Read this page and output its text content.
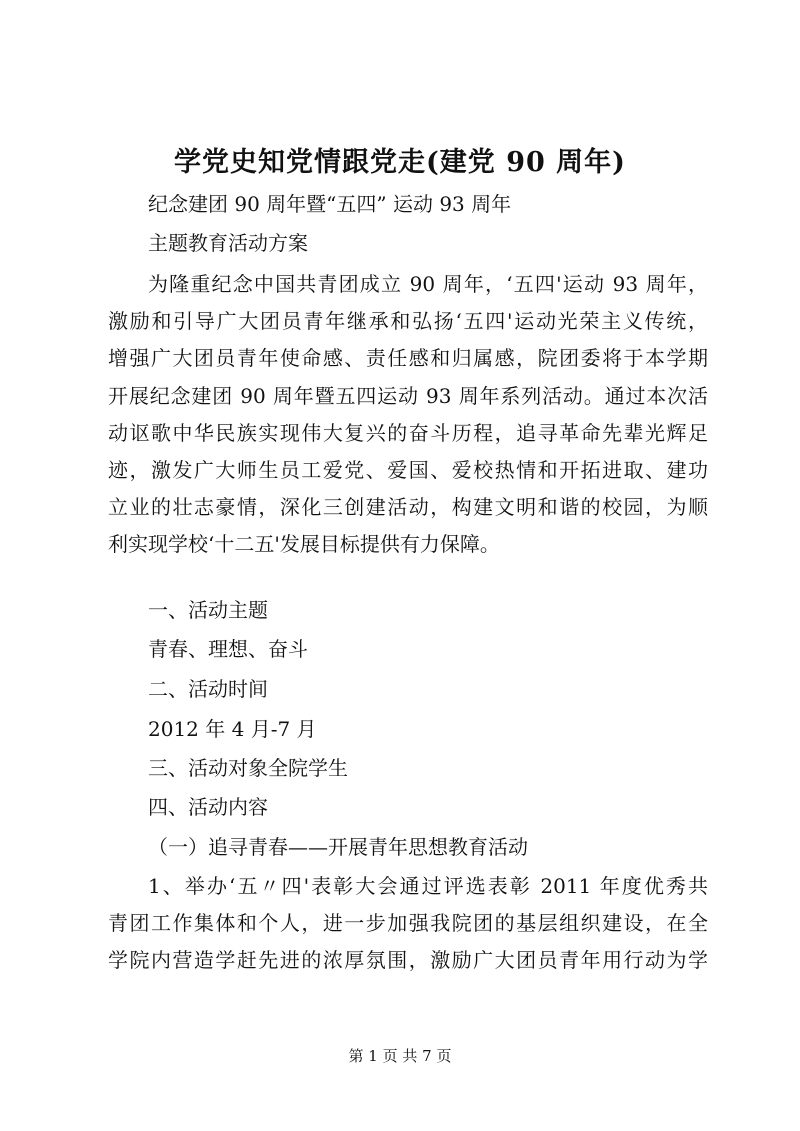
学党史知党情跟党走(建党 90 周年)
纪念建团 90 周年暨“五四” 运动 93 周年
主题教育活动方案
为隆重纪念中国共青团成立 90 周年，‘五四'运动 93 周年，
激励和引导广大团员青年继承和弘扬‘五四'运动光荣主义传统，
增强广大团员青年使命感、责任感和归属感，院团委将于本学期
开展纪念建团 90 周年暨五四运动 93 周年系列活动。通过本次活
动讴歌中华民族实现伟大复兴的奋斗历程，追寻革命先辈光辉足
迹，激发广大师生员工爱党、爱国、爱校热情和开拓进取、建功
立业的壮志豪情，深化三创建活动，构建文明和谐的校园，为顺
利实现学校‘十二五'发展目标提供有力保障。
一、活动主题
青春、理想、奋斗
二、活动时间
2012 年 4 月-7 月
三、活动对象全院学生
四、活动内容
（一）追寻青春——开展青年思想教育活动
1、举办‘五〃四'表彰大会通过评选表彰 2011 年度优秀共
青团工作集体和个人，进一步加强我院团的基层组织建设，在全
学院内营造学赶先进的浓厚氛围，激励广大团员青年用行动为学
第 1 页 共 7 页
